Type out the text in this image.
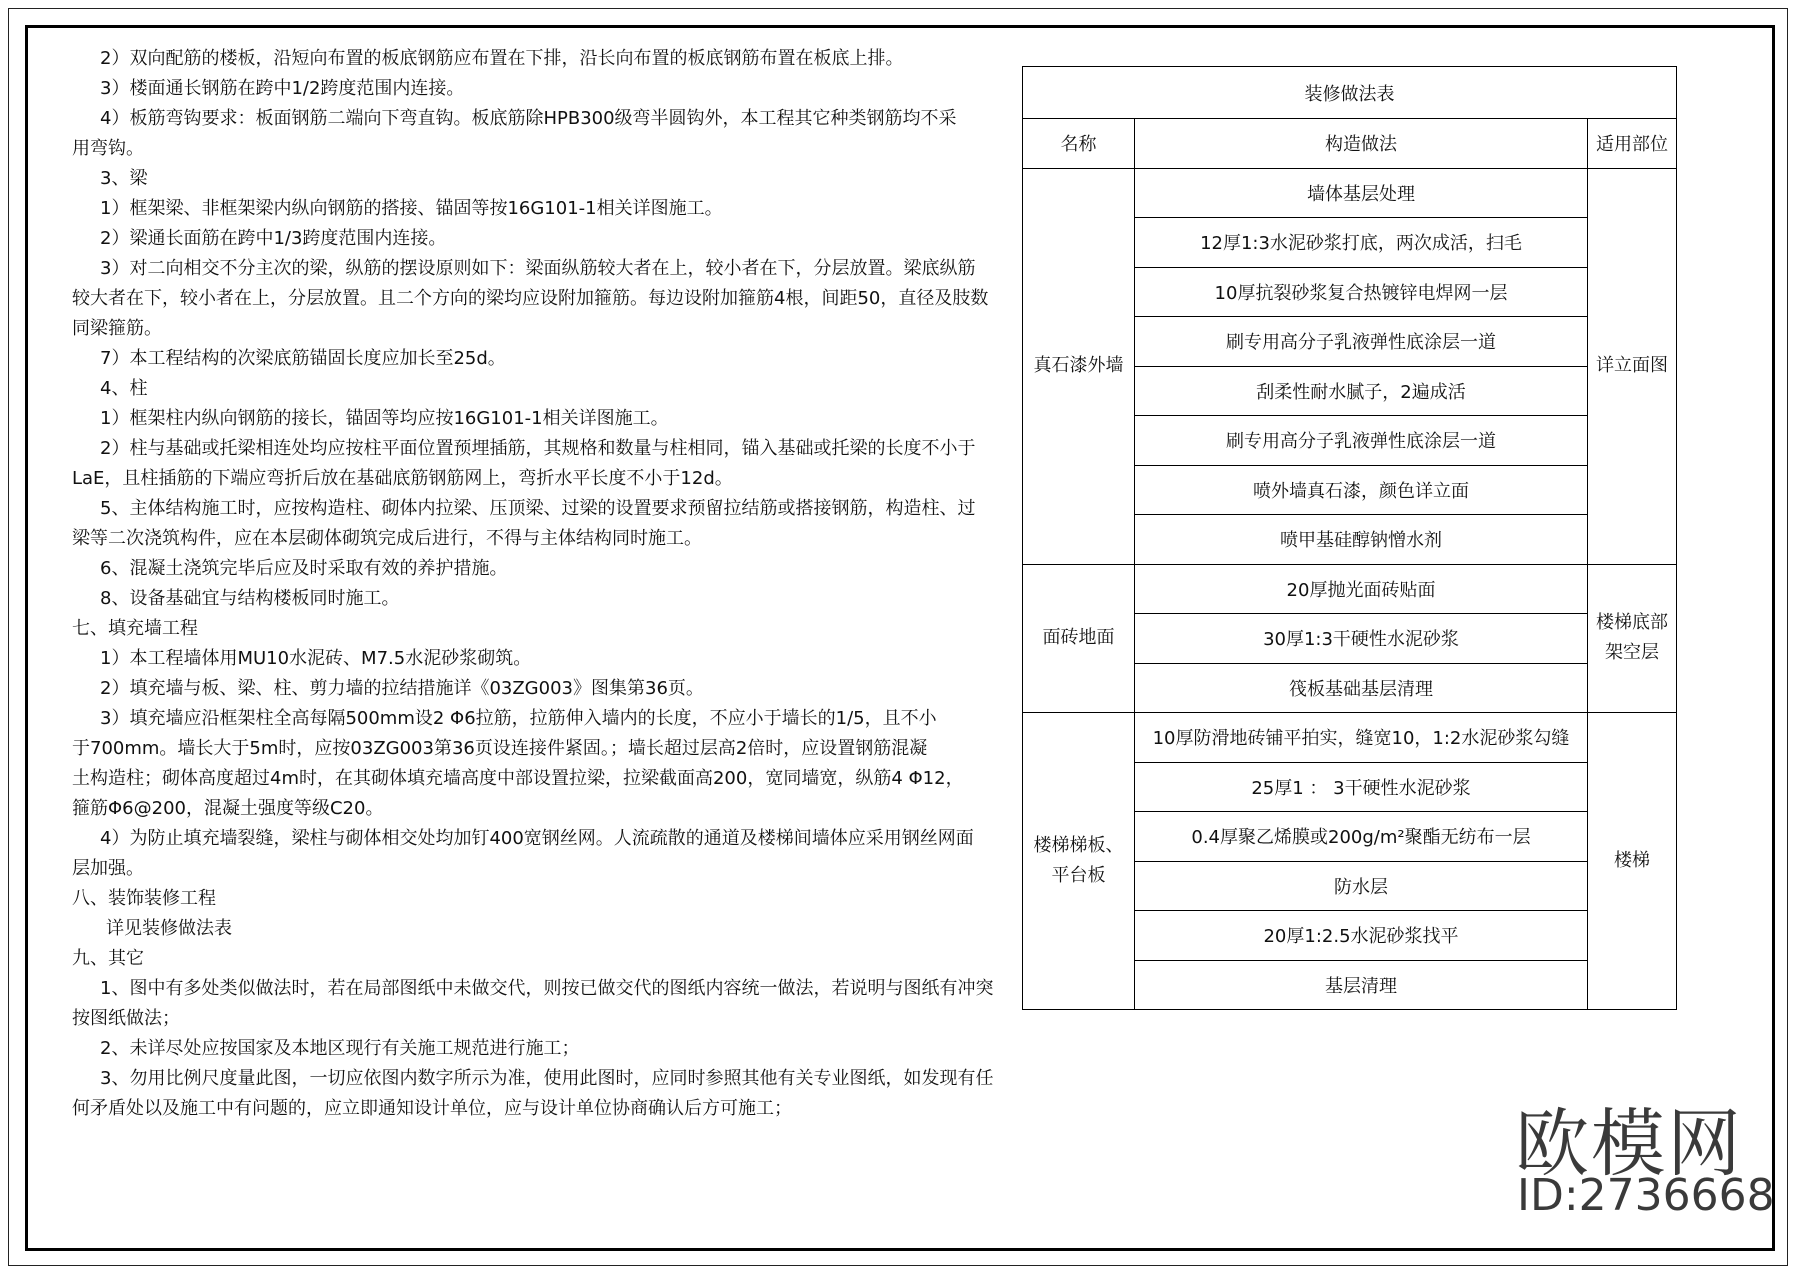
2）双向配筋的楼板，沿短向布置的板底钢筋应布置在下排，沿长向布置的板底钢筋布置在板底上排。
3）楼面通长钢筋在跨中1/2跨度范围内连接。
4）板筋弯钩要求：板面钢筋二端向下弯直钩。板底筋除HPB300级弯半圆钩外，本工程其它种类钢筋均不采
用弯钩。
3、梁
1）框架梁、非框架梁内纵向钢筋的搭接、锚固等按16G101-1相关详图施工。
2）梁通长面筋在跨中1/3跨度范围内连接。
3）对二向相交不分主次的梁，纵筋的摆设原则如下：梁面纵筋较大者在上，较小者在下，分层放置。梁底纵筋
较大者在下，较小者在上，分层放置。且二个方向的梁均应设附加箍筋。每边设附加箍筋4根，间距50，直径及肢数
同梁箍筋。
7）本工程结构的次梁底筋锚固长度应加长至25d。
4、柱
1）框架柱内纵向钢筋的接长，锚固等均应按16G101-1相关详图施工。
2）柱与基础或托梁相连处均应按柱平面位置预埋插筋，其规格和数量与柱相同，锚入基础或托梁的长度不小于
LaE，且柱插筋的下端应弯折后放在基础底筋钢筋网上，弯折水平长度不小于12d。
5、主体结构施工时，应按构造柱、砌体内拉梁、压顶梁、过梁的设置要求预留拉结筋或搭接钢筋，构造柱、过
梁等二次浇筑构件，应在本层砌体砌筑完成后进行，不得与主体结构同时施工。
6、混凝土浇筑完毕后应及时采取有效的养护措施。
8、设备基础宜与结构楼板同时施工。
七、填充墙工程
1）本工程墙体用MU10水泥砖、M7.5水泥砂浆砌筑。
2）填充墙与板、梁、柱、剪力墙的拉结措施详《03ZG003》图集第36页。
3）填充墙应沿框架柱全高每隔500mm设2 Φ6拉筋，拉筋伸入墙内的长度，不应小于墙长的1/5，且不小
于700mm。墙长大于5m时，应按03ZG003第36页设连接件紧固。；墙长超过层高2倍时，应设置钢筋混凝
土构造柱；砌体高度超过4m时，在其砌体填充墙高度中部设置拉梁，拉梁截面高200，宽同墙宽，纵筋4 Φ12，
箍筋Φ6@200，混凝土强度等级C20。
4）为防止填充墙裂缝，梁柱与砌体相交处均加钉400宽钢丝网。人流疏散的通道及楼梯间墙体应采用钢丝网面
层加强。
八、装饰装修工程
详见装修做法表
九、其它
1、图中有多处类似做法时，若在局部图纸中未做交代，则按已做交代的图纸内容统一做法，若说明与图纸有冲突
按图纸做法；
2、未详尽处应按国家及本地区现行有关施工规范进行施工；
3、勿用比例尺度量此图，一切应依图内数字所示为准，使用此图时，应同时参照其他有关专业图纸，如发现有任
何矛盾处以及施工中有问题的，应立即通知设计单位，应与设计单位协商确认后方可施工；
装修做法表		
名称	构造做法	适用部位
真石漆外墙	墙体基层处理	详立面图
	12厚1:3水泥砂浆打底，两次成活，扫毛	
	10厚抗裂砂浆复合热镀锌电焊网一层	
	刷专用高分子乳液弹性底涂层一道	
	刮柔性耐水腻子，2遍成活	
	刷专用高分子乳液弹性底涂层一道	
	喷外墙真石漆，颜色详立面	
	喷甲基硅醇钠憎水剂	
面砖地面	20厚抛光面砖贴面	楼梯底部架空层
	30厚1:3干硬性水泥砂浆	
	筏板基础基层清理	
楼梯梯板、平台板	10厚防滑地砖铺平拍实，缝宽10，1:2水泥砂浆勾缝	楼梯
	25厚1 ： 3干硬性水泥砂浆	
	0.4厚聚乙烯膜或200g/m²聚酯无纺布一层	
	防水层	
	20厚1:2.5水泥砂浆找平	
	基层清理	
欧模网
ID:2736668
